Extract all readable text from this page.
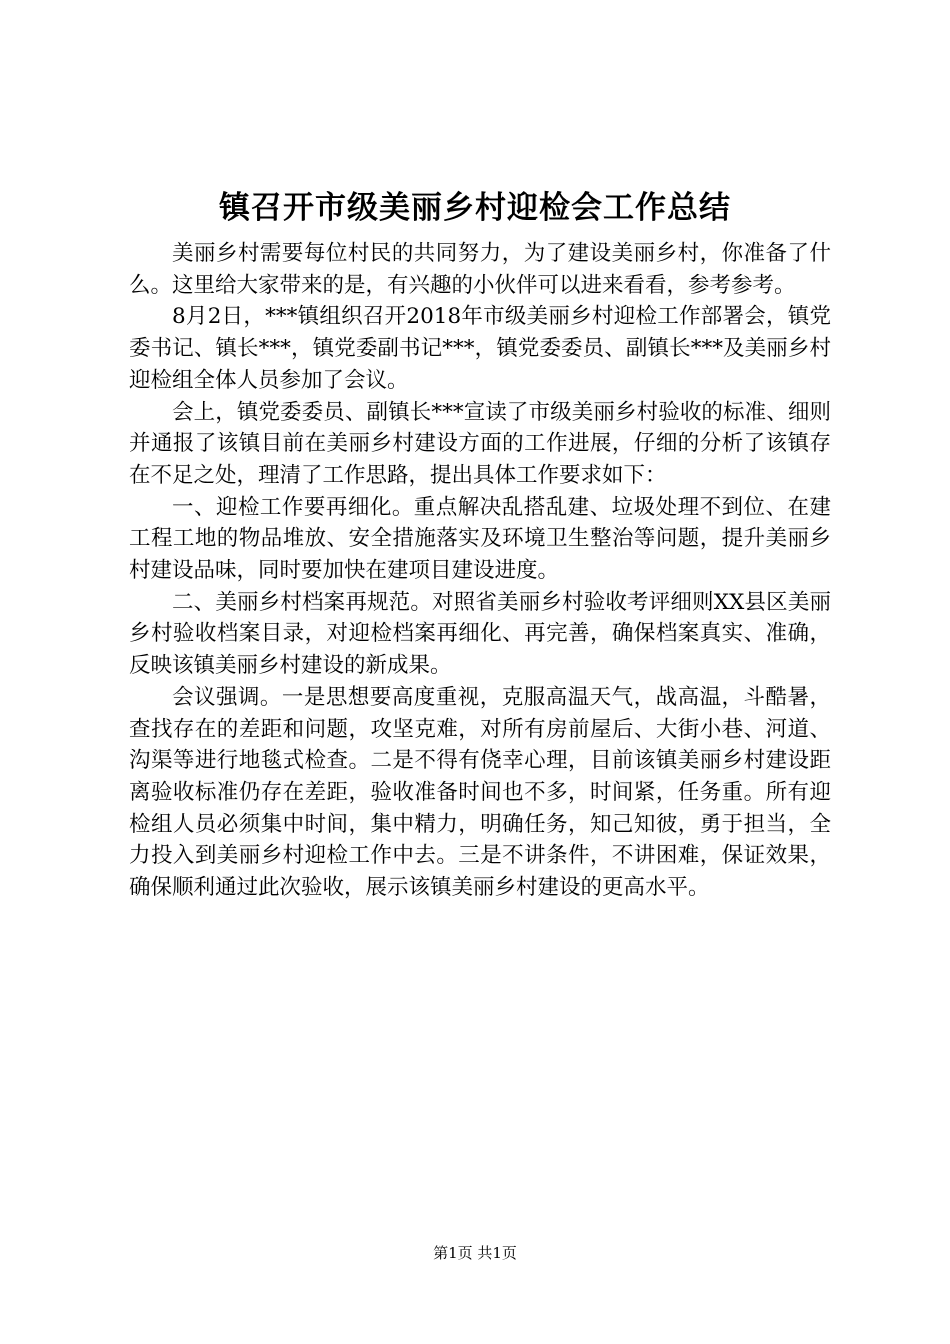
镇召开市级美丽乡村迎检会工作总结

美丽乡村需要每位村民的共同努力，为了建设美丽乡村，你准备了什么。这里给大家带来的是，有兴趣的小伙伴可以进来看看，参考参考。

8月2日，***镇组织召开2018年市级美丽乡村迎检工作部署会，镇党委书记、镇长***，镇党委副书记***，镇党委委员、副镇长***及美丽乡村迎检组全体人员参加了会议。

会上，镇党委委员、副镇长***宣读了市级美丽乡村验收的标准、细则并通报了该镇目前在美丽乡村建设方面的工作进展，仔细的分析了该镇存在不足之处，理清了工作思路，提出具体工作要求如下：

一、迎检工作要再细化。重点解决乱搭乱建、垃圾处理不到位、在建工程工地的物品堆放、安全措施落实及环境卫生整治等问题，提升美丽乡村建设品味，同时要加快在建项目建设进度。

二、美丽乡村档案再规范。对照省美丽乡村验收考评细则XX县区美丽乡村验收档案目录，对迎检档案再细化、再完善，确保档案真实、准确，反映该镇美丽乡村建设的新成果。

会议强调。一是思想要高度重视，克服高温天气，战高温，斗酷暑，查找存在的差距和问题，攻坚克难，对所有房前屋后、大街小巷、河道、沟渠等进行地毯式检查。二是不得有侥幸心理，目前该镇美丽乡村建设距离验收标准仍存在差距，验收准备时间也不多，时间紧，任务重。所有迎检组人员必须集中时间，集中精力，明确任务，知己知彼，勇于担当，全力投入到美丽乡村迎检工作中去。三是不讲条件，不讲困难，保证效果，确保顺利通过此次验收，展示该镇美丽乡村建设的更高水平。

第1页 共1页
